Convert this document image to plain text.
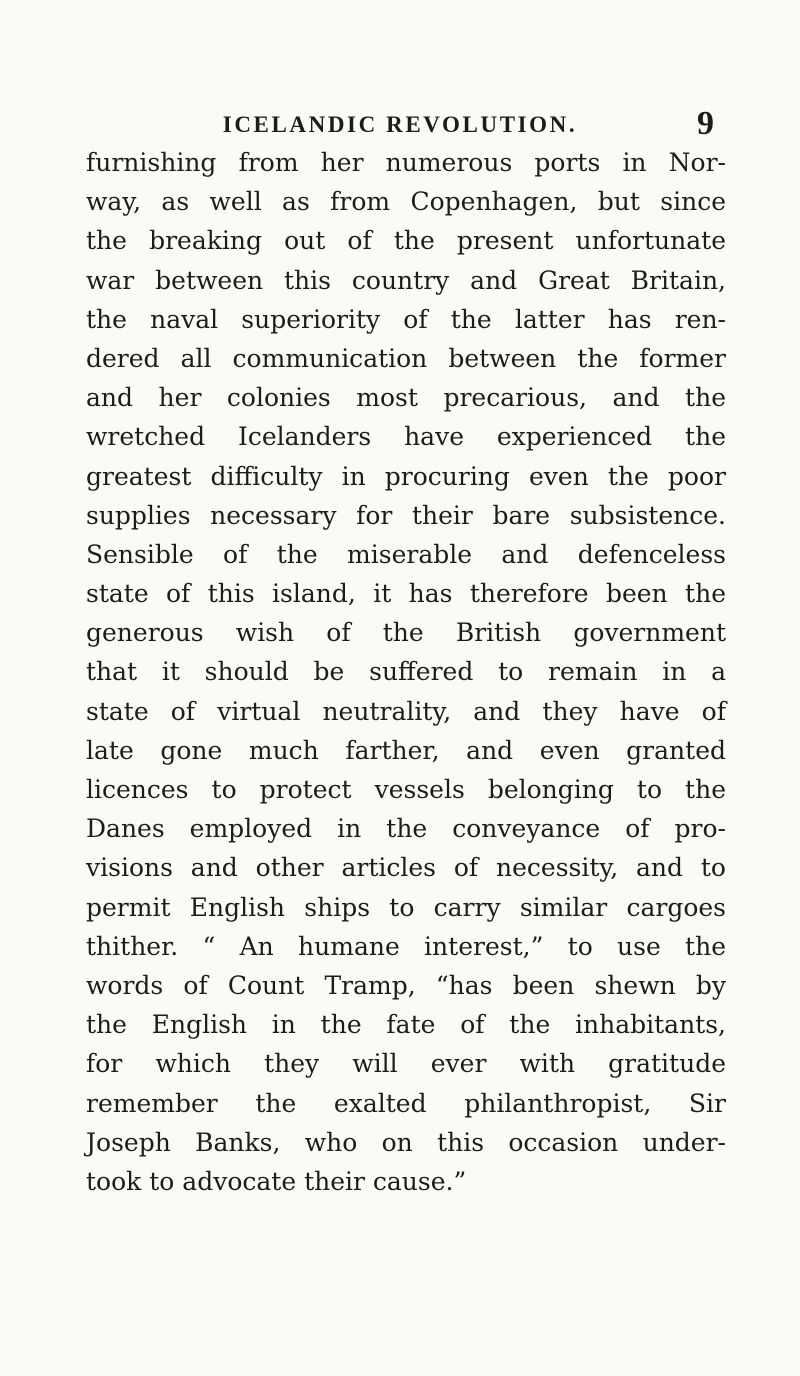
ICELANDIC REVOLUTION.	9
furnishing from her numerous ports in Nor-
way, as well as from Copenhagen, but since
the breaking out of the present unfortunate
war between this country and Great Britain,
the naval superiority of the latter has ren-
dered all communication between the former
and her colonies most precarious, and the
wretched Icelanders have experienced the
greatest difficulty in procuring even the poor
supplies necessary for their bare subsistence.
Sensible of the miserable and defenceless
state of this island, it has therefore been the
generous wish of the British government
that it should be suffered to remain in a
state of virtual neutrality, and they have of
late gone much farther, and even granted
licences to protect vessels belonging to the
Danes employed in the conveyance of pro-
visions and other articles of necessity, and to
permit English ships to carry similar cargoes
thither. “ An humane interest,” to use the
words of Count Tramp, “has been shewn by
the English in the fate of the inhabitants,
for which they will ever with gratitude
remember the exalted philanthropist, Sir
Joseph Banks, who on this occasion under-
took to advocate their cause.”
